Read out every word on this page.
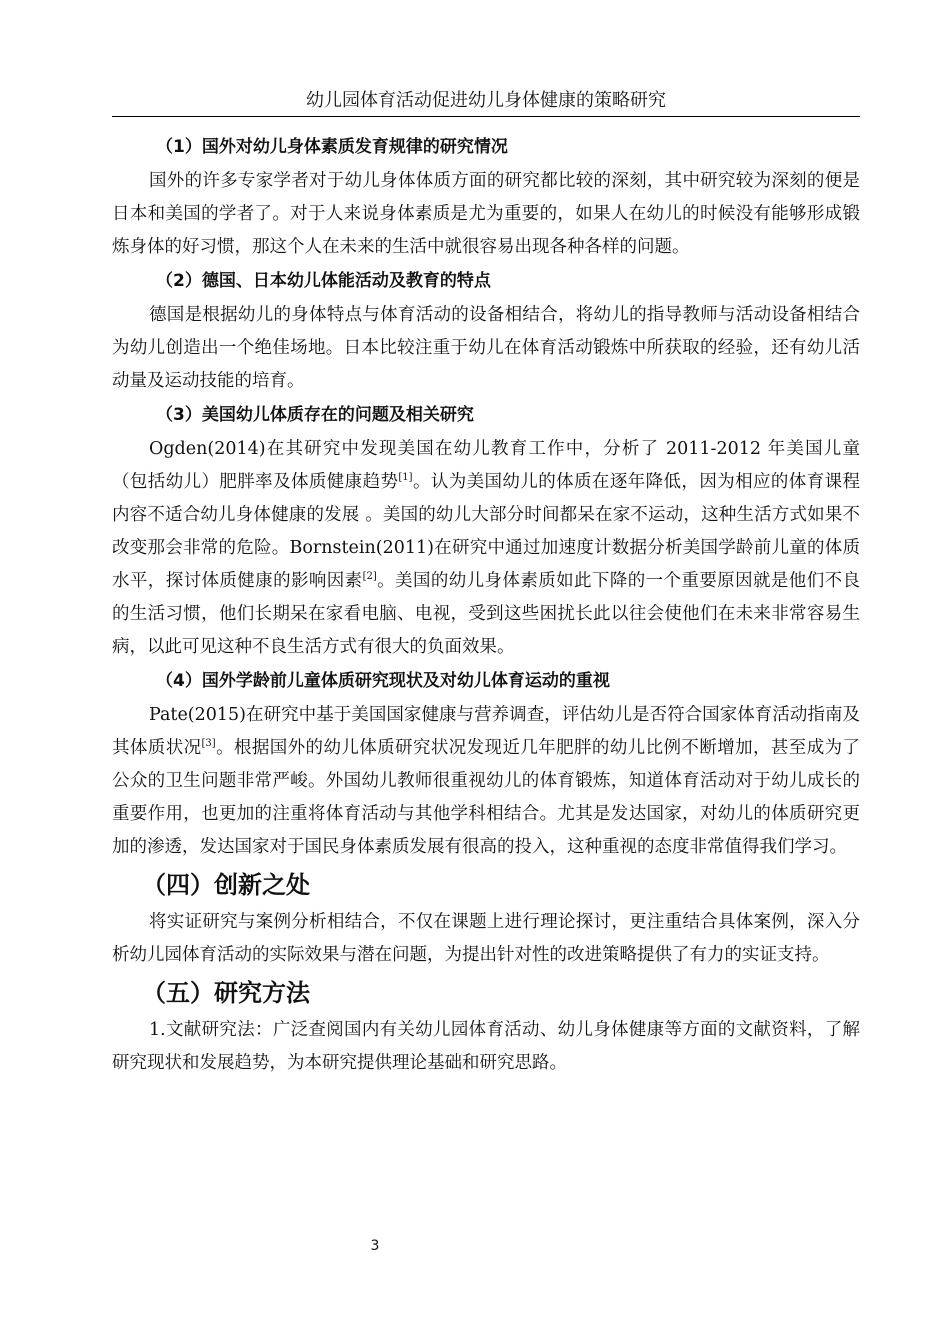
幼儿园体育活动促进幼儿身体健康的策略研究
（1）国外对幼儿身体素质发育规律的研究情况

国外的许多专家学者对于幼儿身体体质方面的研究都比较的深刻，其中研究较为深刻的便是日本和美国的学者了。对于人来说身体素质是尤为重要的，如果人在幼儿的时候没有能够形成锻炼身体的好习惯，那这个人在未来的生活中就很容易出现各种各样的问题。

（2）德国、日本幼儿体能活动及教育的特点

德国是根据幼儿的身体特点与体育活动的设备相结合，将幼儿的指导教师与活动设备相结合为幼儿创造出一个绝佳场地。日本比较注重于幼儿在体育活动锻炼中所获取的经验，还有幼儿活动量及运动技能的培育。

（3）美国幼儿体质存在的问题及相关研究

Ogden(2014)在其研究中发现美国在幼儿教育工作中，分析了 2011-2012 年美国儿童（包括幼儿）肥胖率及体质健康趋势[1]。认为美国幼儿的体质在逐年降低，因为相应的体育课程内容不适合幼儿身体健康的发展 。美国的幼儿大部分时间都呆在家不运动，这种生活方式如果不改变那会非常的危险。Bornstein(2011)在研究中通过加速度计数据分析美国学龄前儿童的体质水平，探讨体质健康的影响因素[2]。美国的幼儿身体素质如此下降的一个重要原因就是他们不良的生活习惯，他们长期呆在家看电脑、电视，受到这些困扰长此以往会使他们在未来非常容易生病，以此可见这种不良生活方式有很大的负面效果。

（4）国外学龄前儿童体质研究现状及对幼儿体育运动的重视

Pate(2015)在研究中基于美国国家健康与营养调查，评估幼儿是否符合国家体育活动指南及其体质状况[3]。根据国外的幼儿体质研究状况发现近几年肥胖的幼儿比例不断增加，甚至成为了公众的卫生问题非常严峻。外国幼儿教师很重视幼儿的体育锻炼，知道体育活动对于幼儿成长的重要作用，也更加的注重将体育活动与其他学科相结合。尤其是发达国家，对幼儿的体质研究更加的渗透，发达国家对于国民身体素质发展有很高的投入，这种重视的态度非常值得我们学习。

（四）创新之处

将实证研究与案例分析相结合，不仅在课题上进行理论探讨，更注重结合具体案例，深入分析幼儿园体育活动的实际效果与潜在问题，为提出针对性的改进策略提供了有力的实证支持。

（五）研究方法

1.文献研究法：广泛查阅国内有关幼儿园体育活动、幼儿身体健康等方面的文献资料，了解研究现状和发展趋势，为本研究提供理论基础和研究思路。

3
